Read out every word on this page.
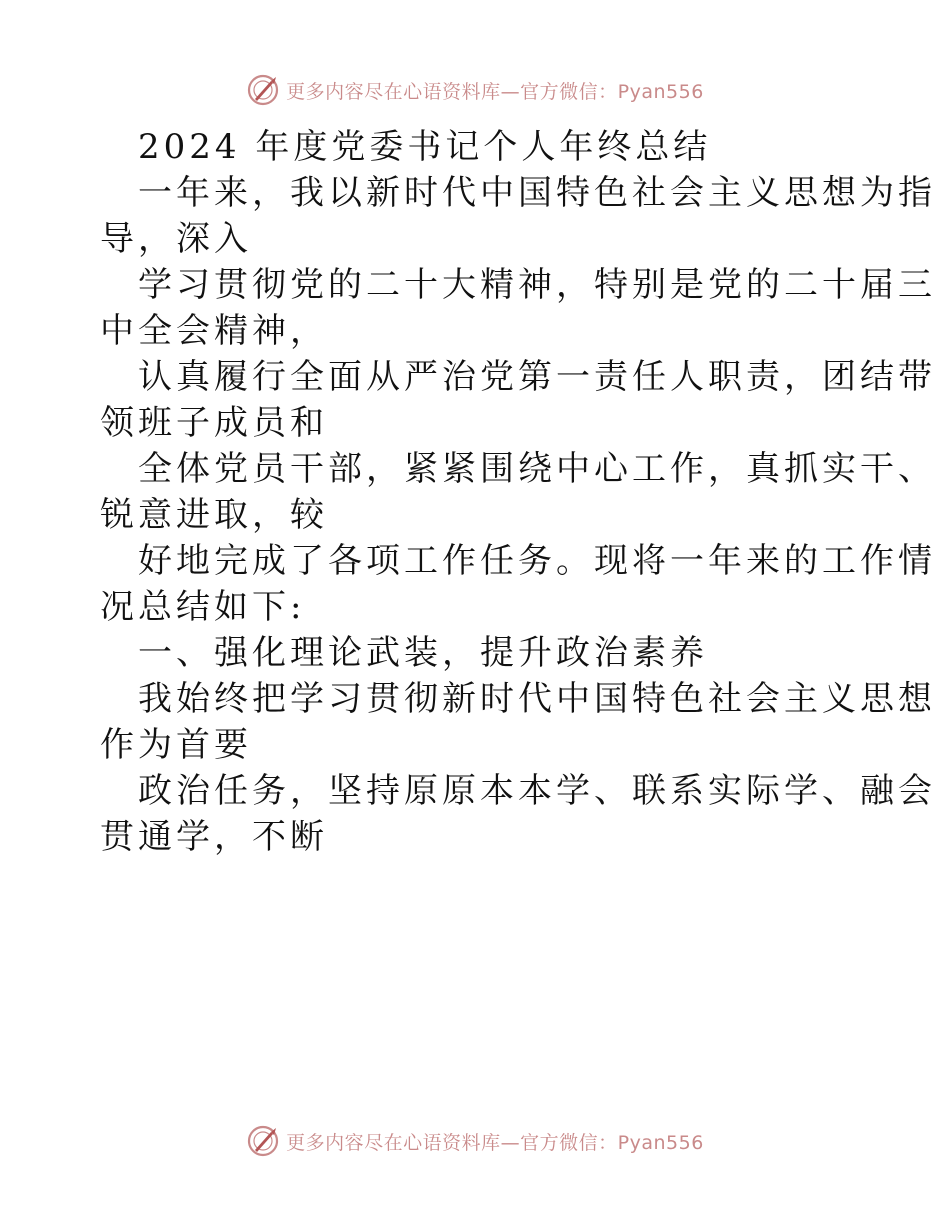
更多内容尽在心语资料库—官方微信：Pyan556
2024 年度党委书记个人年终总结
一年来，我以新时代中国特色社会主义思想为指
导，深入
学习贯彻党的二十大精神，特别是党的二十届三
中全会精神，
认真履行全面从严治党第一责任人职责，团结带
领班子成员和
全体党员干部，紧紧围绕中心工作，真抓实干、
锐意进取，较
好地完成了各项工作任务。现将一年来的工作情
况总结如下:
一、强化理论武装，提升政治素养
我始终把学习贯彻新时代中国特色社会主义思想
作为首要
政治任务，坚持原原本本学、联系实际学、融会
贯通学，不断
更多内容尽在心语资料库—官方微信：Pyan556
